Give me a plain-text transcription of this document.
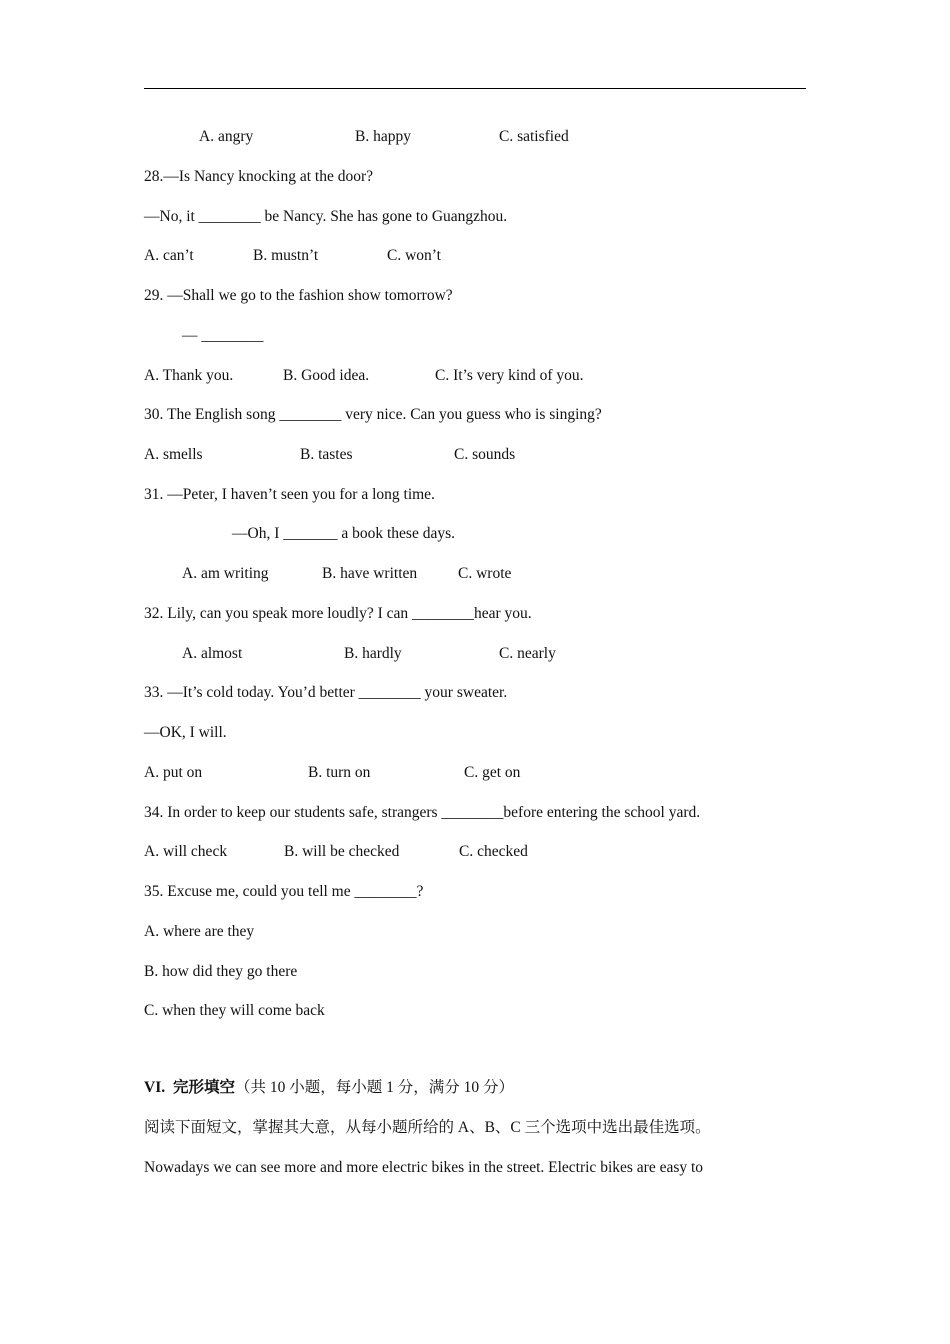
A. angry	B. happy	C. satisfied
28.—Is Nancy knocking at the door?
—No, it ________ be Nancy. She has gone to Guangzhou.
A. can’t	B. mustn’t	C. won’t
29. —Shall we go to the fashion show tomorrow?
— ________
A. Thank you.	B. Good idea.	C. It’s very kind of you.
30. The English song ________ very nice. Can you guess who is singing?
A. smells	B. tastes	C. sounds
31. —Peter, I haven’t seen you for a long time.
—Oh, I _______ a book these days.
A. am writing	B. have written	C. wrote
32. Lily, can you speak more loudly? I can ________hear you.
A. almost	B. hardly	C. nearly
33. —It’s cold today. You’d better ________ your sweater.
—OK, I will.
A. put on	B. turn on	C. get on
34. In order to keep our students safe, strangers ________before entering the school yard.
A. will check	B. will be checked	C. checked
35. Excuse me, could you tell me ________?
A. where are they
B. how did they go there
C. when they will come back
VI. 完形填空（共 10 小题，每小题 1 分，满分 10 分）
阅读下面短文，掌握其大意，从每小题所给的 A、B、C 三个选项中选出最佳选项。
Nowadays we can see more and more electric bikes in the street. Electric bikes are easy to
